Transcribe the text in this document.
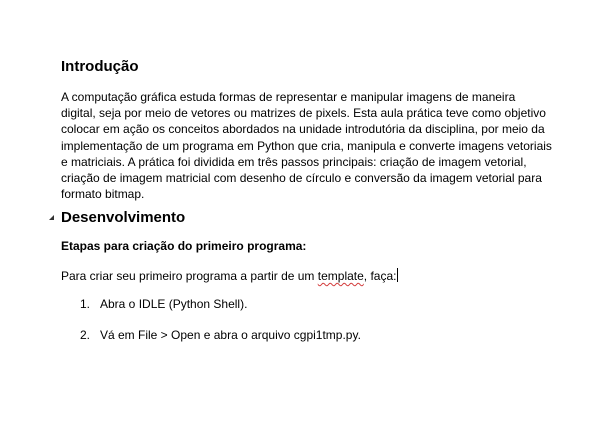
Introdução
A computação gráfica estuda formas de representar e manipular imagens de maneira
digital, seja por meio de vetores ou matrizes de pixels. Esta aula prática teve como objetivo
colocar em ação os conceitos abordados na unidade introdutória da disciplina, por meio da
implementação de um programa em Python que cria, manipula e converte imagens vetoriais
e matriciais. A prática foi dividida em três passos principais: criação de imagem vetorial,
criação de imagem matricial com desenho de círculo e conversão da imagem vetorial para
formato bitmap.
Desenvolvimento
Etapas para criação do primeiro programa:
Para criar seu primeiro programa a partir de um template, faça:
1. Abra o IDLE (Python Shell).
2. Vá em File > Open e abra o arquivo cgpi1tmp.py.
